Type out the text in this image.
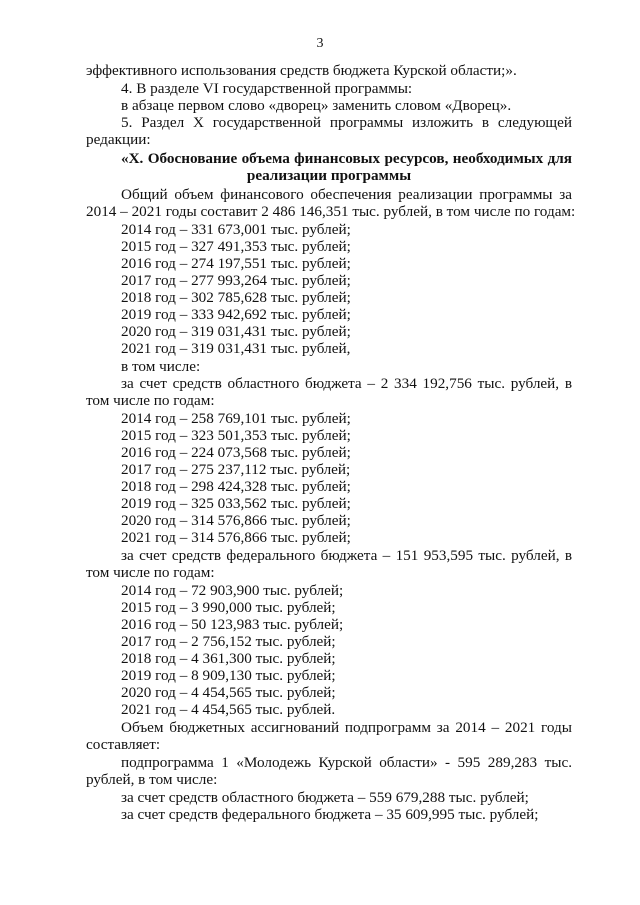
3
эффективного использования средств бюджета Курской области;».
4. В разделе VI государственной программы:
в абзаце первом слово «дворец» заменить словом «Дворец».
5. Раздел X государственной программы изложить в следующей
редакции:
«X. Обоснование объема финансовых ресурсов, необходимых для
реализации программы
Общий объем финансового обеспечения реализации программы за
2014 – 2021 годы составит 2 486 146,351 тыс. рублей, в том числе по годам:
2014 год – 331 673,001 тыс. рублей;
2015 год – 327 491,353 тыс. рублей;
2016 год – 274 197,551 тыс. рублей;
2017 год – 277 993,264 тыс. рублей;
2018 год – 302 785,628 тыс. рублей;
2019 год – 333 942,692 тыс. рублей;
2020 год – 319 031,431 тыс. рублей;
2021 год – 319 031,431 тыс. рублей,
в том числе:
за счет средств областного бюджета – 2 334 192,756 тыс. рублей, в
том числе по годам:
2014 год – 258 769,101 тыс. рублей;
2015 год – 323 501,353 тыс. рублей;
2016 год – 224 073,568 тыс. рублей;
2017 год – 275 237,112 тыс. рублей;
2018 год – 298 424,328 тыс. рублей;
2019 год – 325 033,562 тыс. рублей;
2020 год – 314 576,866 тыс. рублей;
2021 год – 314 576,866 тыс. рублей;
за счет средств федерального бюджета – 151 953,595 тыс. рублей, в
том числе по годам:
2014 год – 72 903,900 тыс. рублей;
2015 год – 3 990,000 тыс. рублей;
2016 год – 50 123,983 тыс. рублей;
2017 год – 2 756,152 тыс. рублей;
2018 год – 4 361,300 тыс. рублей;
2019 год – 8 909,130 тыс. рублей;
2020 год – 4 454,565 тыс. рублей;
2021 год – 4 454,565 тыс. рублей.
Объем бюджетных ассигнований подпрограмм за 2014 – 2021 годы
составляет:
подпрограмма 1 «Молодежь Курской области» - 595 289,283 тыс.
рублей, в том числе:
за счет средств областного бюджета – 559 679,288 тыс. рублей;
за счет средств федерального бюджета – 35 609,995 тыс. рублей;
